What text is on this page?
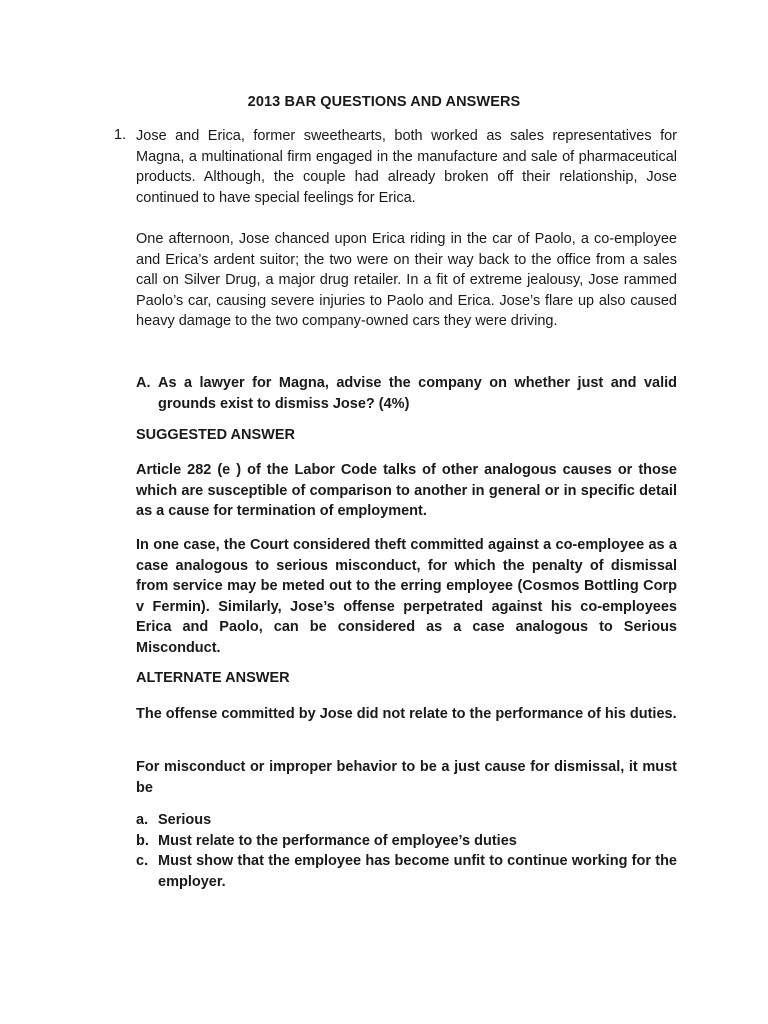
2013 BAR QUESTIONS AND ANSWERS
1. Jose and Erica, former sweethearts, both worked as sales representatives for Magna, a multinational firm engaged in the manufacture and sale of pharmaceutical products. Although, the couple had already broken off their relationship, Jose continued to have special feelings for Erica.

One afternoon, Jose chanced upon Erica riding in the car of Paolo, a co-employee and Erica’s ardent suitor; the two were on their way back to the office from a sales call on Silver Drug, a major drug retailer. In a fit of extreme jealousy, Jose rammed Paolo’s car, causing severe injuries to Paolo and Erica. Jose’s flare up also caused heavy damage to the two company-owned cars they were driving.

A. As a lawyer for Magna, advise the company on whether just and valid grounds exist to dismiss Jose? (4%)
SUGGESTED ANSWER

Article 282 (e ) of the Labor Code talks of other analogous causes or those which are susceptible of comparison to another in general or in specific detail as a cause for termination of employment.

In one case, the Court considered theft committed against a co-employee as a case analogous to serious misconduct, for which the penalty of dismissal from service may be meted out to the erring employee (Cosmos Bottling Corp v Fermin). Similarly, Jose’s offense perpetrated against his co-employees Erica and Paolo, can be considered as a case analogous to Serious Misconduct.

ALTERNATE ANSWER

The offense committed by Jose did not relate to the performance of his duties.

For misconduct or improper behavior to be a just cause for dismissal, it must be

a. Serious
b. Must relate to the performance of employee’s duties
c. Must show that the employee has become unfit to continue working for the employer.
